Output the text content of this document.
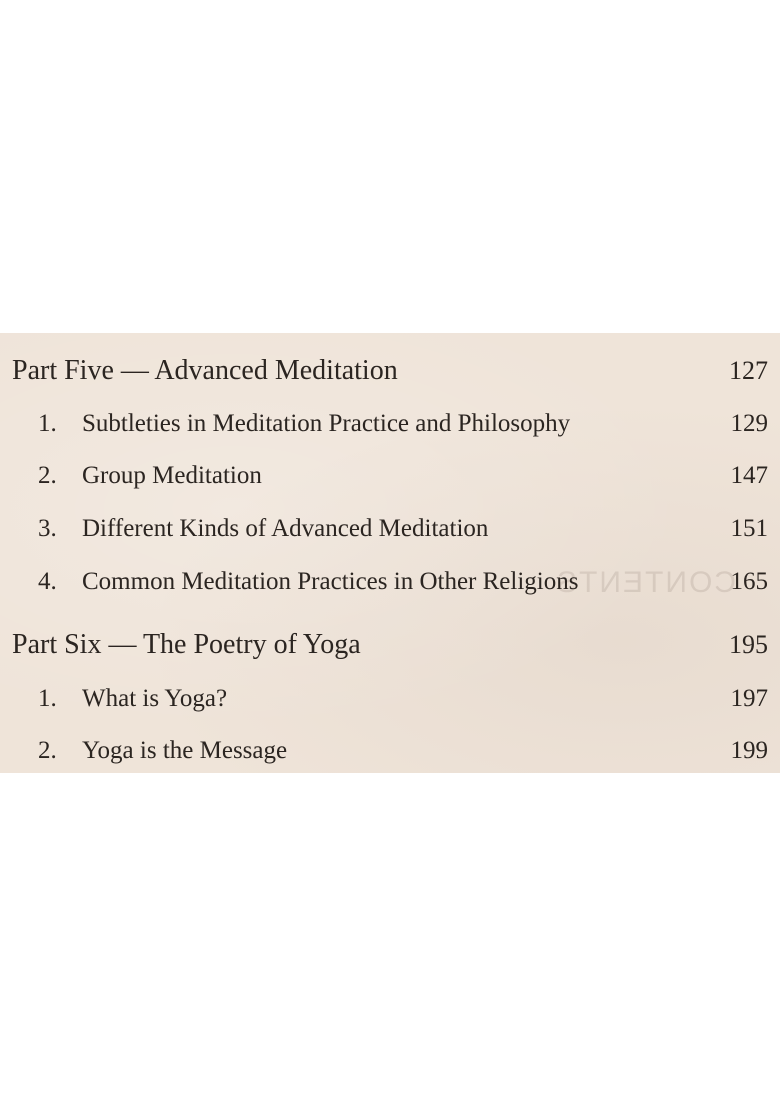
CONTENTS
Part Five — Advanced Meditation	127
1. Subtleties in Meditation Practice and Philosophy	129
2. Group Meditation	147
3. Different Kinds of Advanced Meditation	151
4. Common Meditation Practices in Other Religions	165
Part Six — The Poetry of Yoga	195
1. What is Yoga?	197
2. Yoga is the Message	199
